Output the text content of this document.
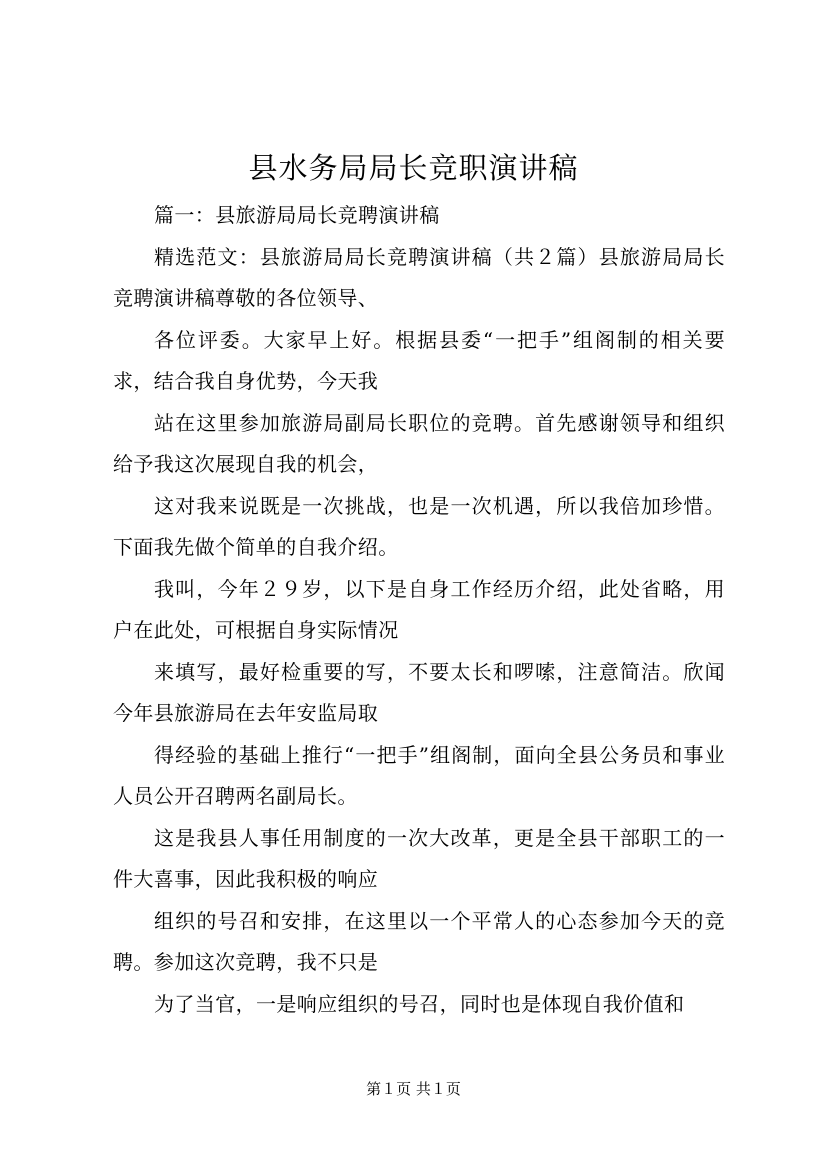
县水务局局长竞职演讲稿

篇一：县旅游局局长竞聘演讲稿

精选范文：县旅游局局长竞聘演讲稿（共２篇）县旅游局局长竞聘演讲稿尊敬的各位领导、

各位评委。大家早上好。根据县委“一把手”组阁制的相关要求，结合我自身优势，今天我

站在这里参加旅游局副局长职位的竞聘。首先感谢领导和组织给予我这次展现自我的机会，

这对我来说既是一次挑战，也是一次机遇，所以我倍加珍惜。下面我先做个简单的自我介绍。

我叫，今年２９岁，以下是自身工作经历介绍，此处省略，用户在此处，可根据自身实际情况

来填写，最好检重要的写，不要太长和啰嗦，注意简洁。欣闻今年县旅游局在去年安监局取

得经验的基础上推行“一把手”组阁制，面向全县公务员和事业人员公开召聘两名副局长。

这是我县人事任用制度的一次大改革，更是全县干部职工的一件大喜事，因此我积极的响应

组织的号召和安排，在这里以一个平常人的心态参加今天的竞聘。参加这次竞聘，我不只是

为了当官，一是响应组织的号召，同时也是体现自我价值和

第１页 共１页
